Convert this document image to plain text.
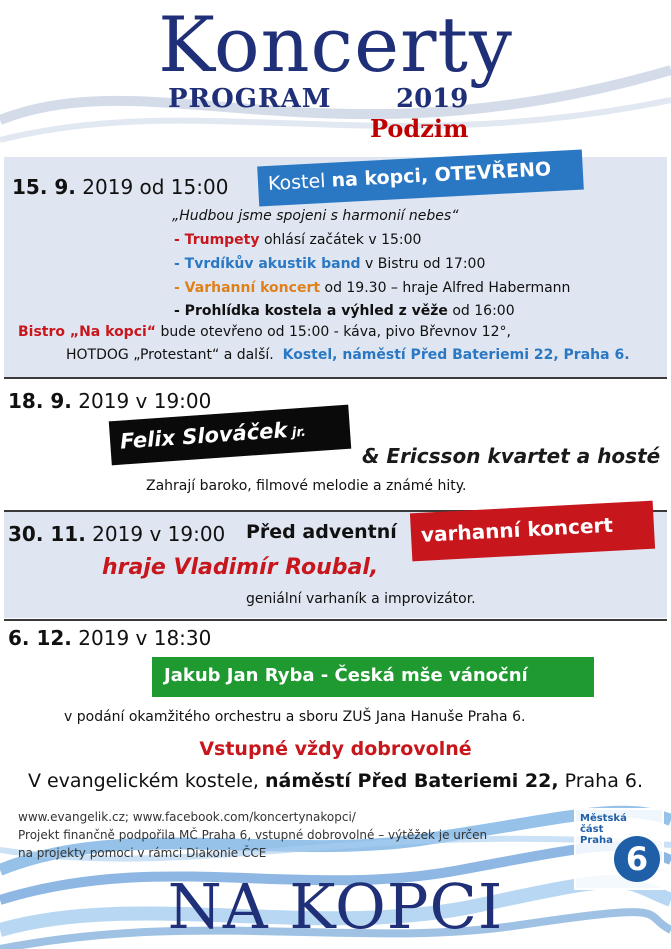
Koncerty
PROGRAM 2019
Podzim
15. 9. 2019 od 15:00	Kostel na kopci, OTEVŘENO
„Hudbou jsme spojeni s harmonií nebes“
- Trumpety ohlásí začátek v 15:00
- Tvrdíkův akustik band v Bistru od 17:00
- Varhanní koncert od 19.30 – hraje Alfred Habermann
- Prohlídka kostela a výhled z věže od 16:00
Bistro „Na kopci“ bude otevřeno od 15:00 - káva, pivo Břevnov 12°,
HOTDOG „Protestant“ a další. Kostel, náměstí Před Bateriemi 22, Praha 6.
18. 9. 2019 v 19:00
Felix Slováček jr.
& Ericsson kvartet a hosté
Zahrají baroko, filmové melodie a známé hity.
30. 11. 2019 v 19:00 Před adventní	varhanní koncert
hraje Vladimír Roubal,
geniální varhaník a improvizátor.
6. 12. 2019 v 18:30
Jakub Jan Ryba - Česká mše vánoční
v podání okamžitého orchestru a sboru ZUŠ Jana Hanuše Praha 6.
Vstupné vždy dobrovolné
V evangelickém kostele, náměstí Před Bateriemi 22, Praha 6.
www.evangelik.cz; www.facebook.com/koncertynakopci/
Projekt finančně podpořila MČ Praha 6, vstupné dobrovolné – výtěžek je určen
na projekty pomoci v rámci Diakonie ČCE
Městská
část
Praha 6
NA KOPCI
